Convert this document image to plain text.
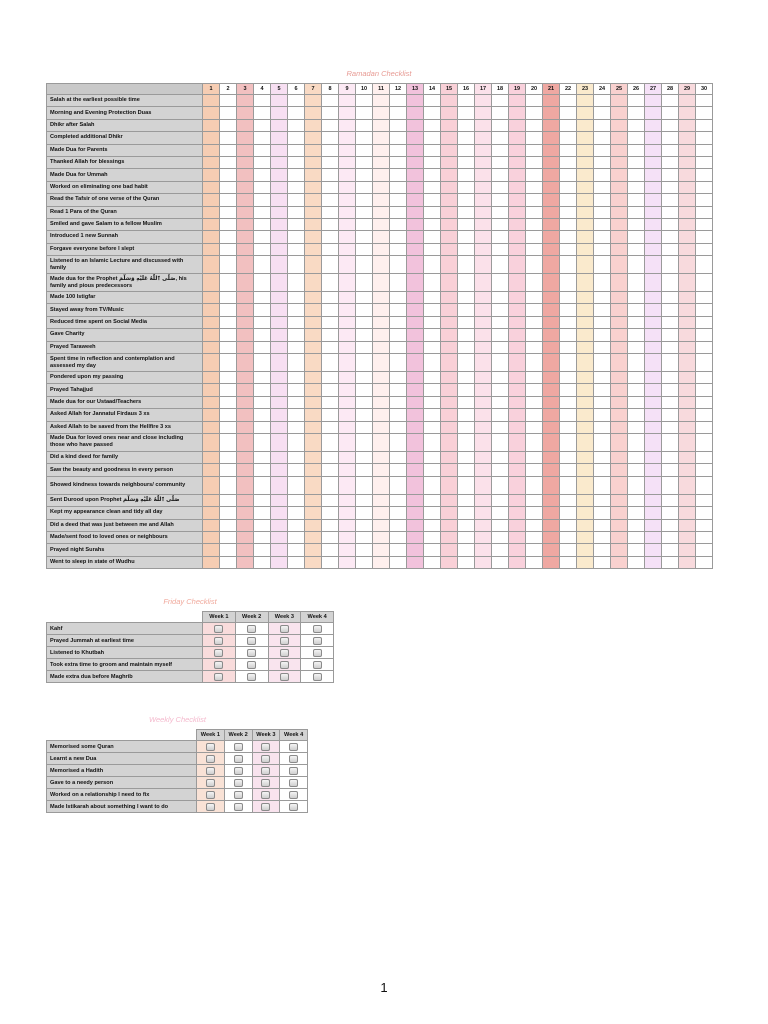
Ramadan Checklist
	1	2	3	4	5	6	7	8	9	10	11	12	13	14	15	16	17	18	19	20	21	22	23	24	25	26	27	28	29	30
Salah at the earliest possible time																														
Morning and Evening Protection Duas																														
Dhikr after Salah																														
Completed additional Dhikr																														
Made Dua for Parents																														
Thanked Allah for blessings																														
Made Dua for Ummah																														
Worked on eliminating one bad habit																														
Read the Tafsir of one verse of the Quran																														
Read 1 Para of the Quran																														
Smiled and gave Salam to a fellow Muslim																														
Introduced 1 new Sunnah																														
Forgave everyone before I slept																														
Listened to an Islamic Lecture and discussed with family																														
Made dua for the Prophet صَلَّى ٱللَّٰهُ عَلَيْهِ وَسَلَّمَ, his family and pious predecessors																														
Made 100 Istigfar																														
Stayed away from TV/Music																														
Reduced time spent on Social Media																														
Gave Charity																														
Prayed Taraweeh																														
Spent time in reflection and contemplation and assessed my day																														
Pondered upon my passing																														
Prayed Tahajjud																														
Made dua for our Ustaad/Teachers																														
Asked Allah for Jannatul Firdaus 3 xs																														
Asked Allah to be saved from the Hellfire 3 xs																														
Made Dua for loved ones near and close including those who have passed																														
Did a kind deed for family																														
Saw the beauty and goodness in every person																														
Showed kindness towards neighbours/ community																														
Sent Durood upon Prophet صَلَّى ٱللَّٰهُ عَلَيْهِ وَسَلَّمَ																														
Kept my appearance clean and tidy all day																														
Did a deed that was just between me and Allah																														
Made/sent food to loved ones or neighbours																														
Prayed night Surahs																														
Went to sleep in state of Wudhu																														
Friday Checklist
	Week 1	Week 2	Week 3	Week 4
Kahf				
Prayed Jummah at earliest time				
Listened to Khutbah				
Took extra time to groom and maintain myself				
Made extra dua before Maghrib				
Weekly Checklist
	Week 1	Week 2	Week 3	Week 4
Memorised some Quran				
Learnt a new Dua				
Memorised a Hadith				
Gave to a needy person				
Worked on a relationship I need to fix				
Made Istikarah about something I want to do				
1
